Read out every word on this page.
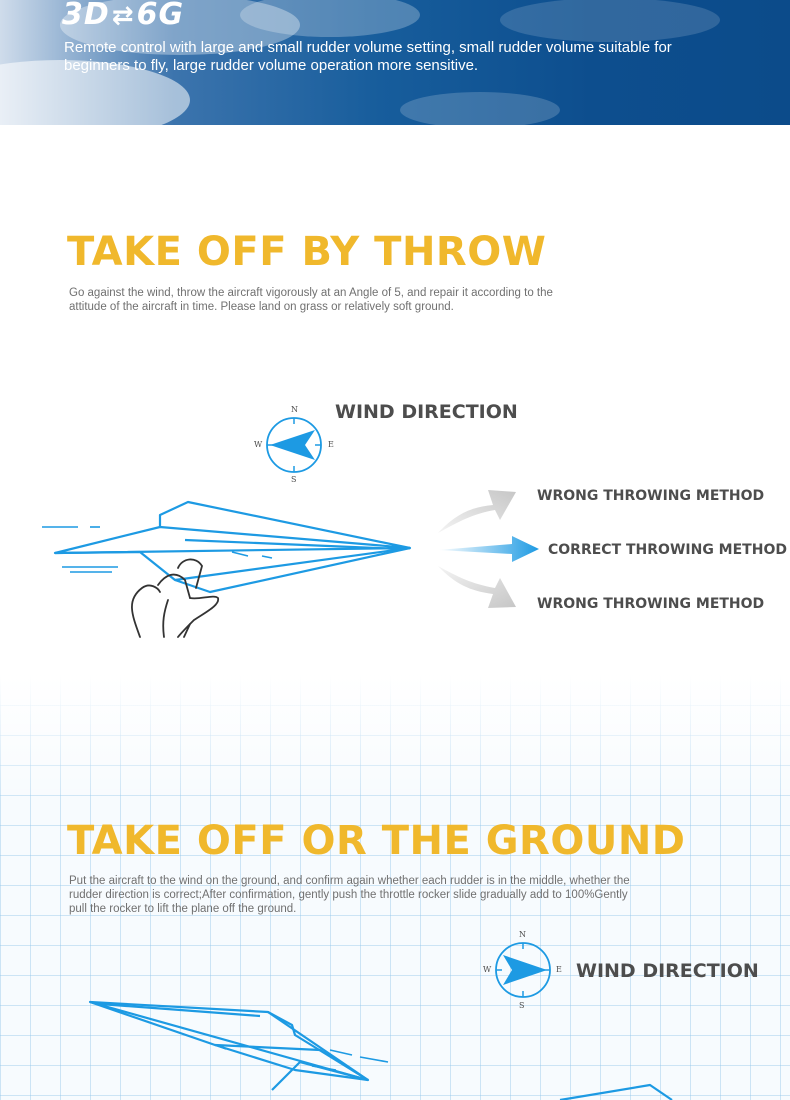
3D⇄6G
Remote control with large and small rudder volume setting, small rudder volume suitable for beginners to fly, large rudder volume operation more sensitive.
TAKE OFF BY THROW
Go against the wind, throw the aircraft vigorously at an Angle of 5, and repair it according to the attitude of the aircraft in time. Please land on grass or relatively soft ground.
N
S
W	E
WIND DIRECTION
WRONG THROWING METHOD
CORRECT THROWING METHOD
WRONG THROWING METHOD
TAKE OFF OR THE GROUND
Put the aircraft to the wind on the ground, and confirm again whether each rudder is in the middle, whether the rudder direction is correct;After confirmation, gently push the throttle rocker slide gradually add to 100%Gently pull the rocker to lift the plane off the ground.
N
S
W	E WIND DIRECTION
